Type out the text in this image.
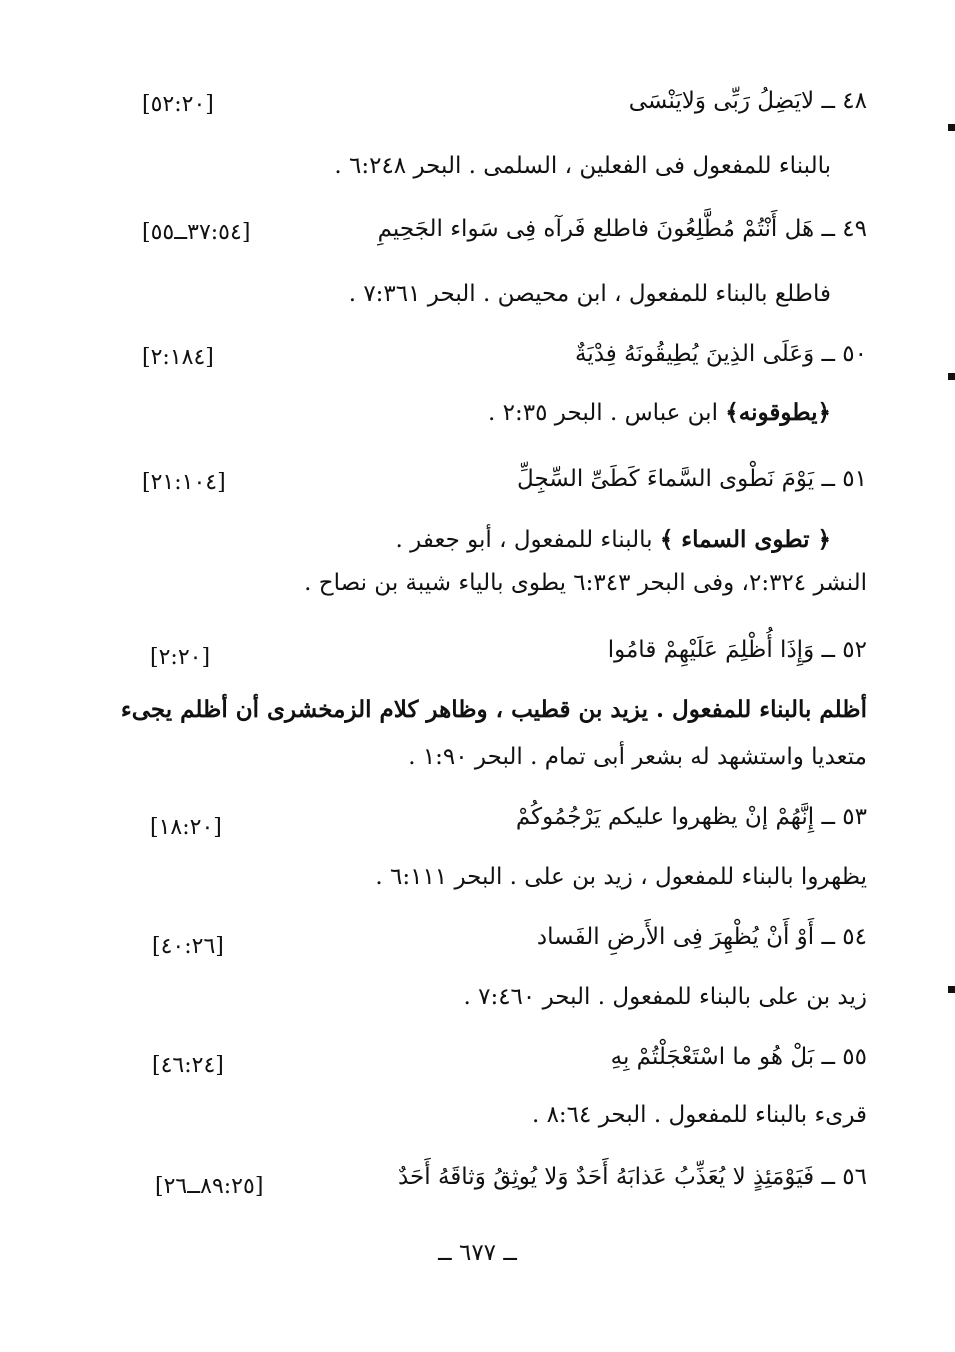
٤٨ ــ لايَضِلُ رَبِّى وَلايَنْسَى
[٥٢:٢٠]
بالبناء للمفعول فى الفعلين ، السلمى . البحر ٦:٢٤٨ .
٤٩ ــ هَل أَنْتُمْ مُطَّلِعُونَ فاطلع فَرآه فِى سَواء الجَحِيمِ
[٣٧:٥٤ــ٥٥]
فاطلع بالبناء للمفعول ، ابن محيصن . البحر ٧:٣٦١ .
٥٠ ــ وَعَلَى الذِينَ يُطِيقُونَهُ فِدْيَةٌ
[٢:١٨٤]
﴿يطوقونه﴾ ابن عباس . البحر ٢:٣٥ .
٥١ ــ يَوْمَ نَطْوى السَّماءَ كَطَىِّ السِّجِلِّ
[٢١:١٠٤]
﴿ تطوى السماء ﴾ بالبناء للمفعول ، أبو جعفر .
النشر ٢:٣٢٤، وفى البحر ٦:٣٤٣ يطوى بالياء شيبة بن نصاح .
٥٢ ــ وَإِذَا أُظْلِمَ عَلَيْهِمْ قامُوا
[٢:٢٠]
أظلم بالبناء للمفعول . يزيد بن قطيب ، وظاهر كلام الزمخشرى أن أظلم يجىء
متعديا واستشهد له بشعر أبى تمام . البحر ١:٩٠ .
٥٣ ــ إِنَّهُمْ إنْ يظهروا عليكم يَرْجُمُوكُمْ
[١٨:٢٠]
يظهروا بالبناء للمفعول ، زيد بن على . البحر ٦:١١١ .
٥٤ ــ أَوْ أَنْ يُظْهِرَ فِى الأَرضِ الفَساد
[٤٠:٢٦]
زيد بن على بالبناء للمفعول . البحر ٧:٤٦٠ .
٥٥ ــ بَلْ هُو ما اسْتَعْجَلْتُمْ بِهِ
[٤٦:٢٤]
قرىء بالبناء للمفعول . البحر ٨:٦٤ .
٥٦ ــ فَيَوْمَئِذٍ لا يُعَذِّبُ عَذابَهُ أَحَدٌ وَلا يُوثِقُ وَثاقَهُ أَحَدٌ
[٨٩:٢٥ــ٢٦]
ــ ٦٧٧ ــ
